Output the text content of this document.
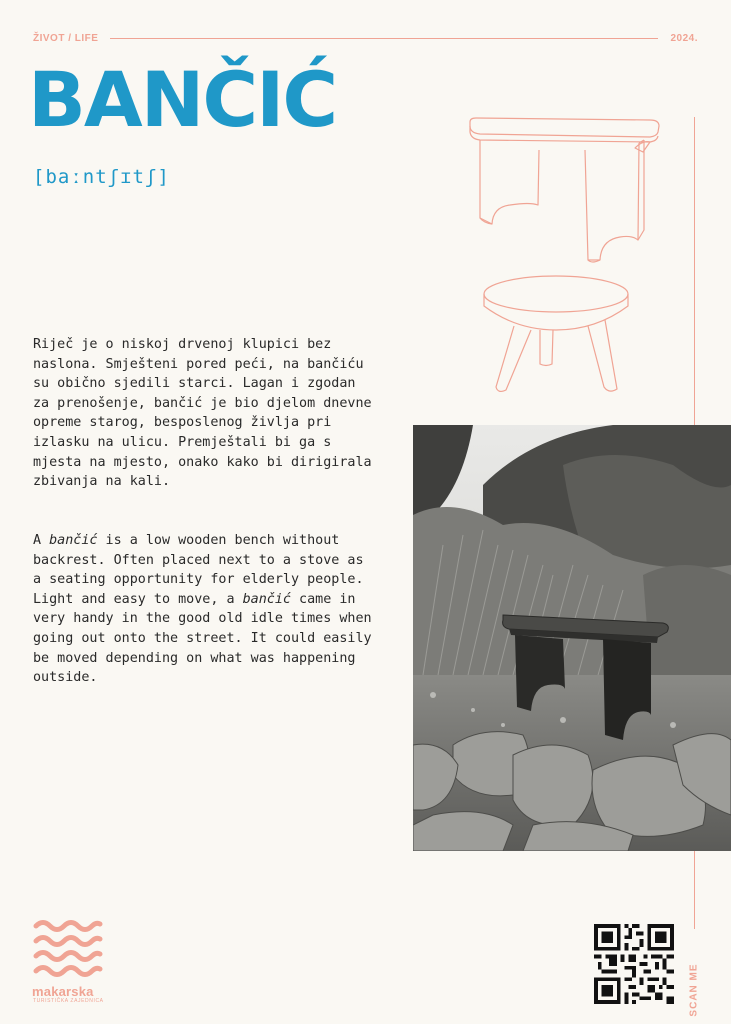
ŽIVOT / LIFE	2024.
BANČIĆ
[baːntʃɪtʃ]

Riječ je o niskoj drvenoj klupici bez naslona. Smješteni pored peći, na bančiću su obično sjedili starci. Lagan i zgodan za prenošenje, bančić je bio djelom dnevne opreme starog, besposlenog življa pri izlasku na ulicu. Premještali bi ga s mjesta na mjesto, onako kako bi dirigirala zbivanja na kali.

A bančić is a low wooden bench without backrest. Often placed next to a stove as a seating opportunity for elderly people. Light and easy to move, a bančić came in very handy in the good old idle times when going out onto the street. It could easily be moved depending on what was happening outside.

SCAN ME
makarska
TURISTIČKA ZAJEDNICA
